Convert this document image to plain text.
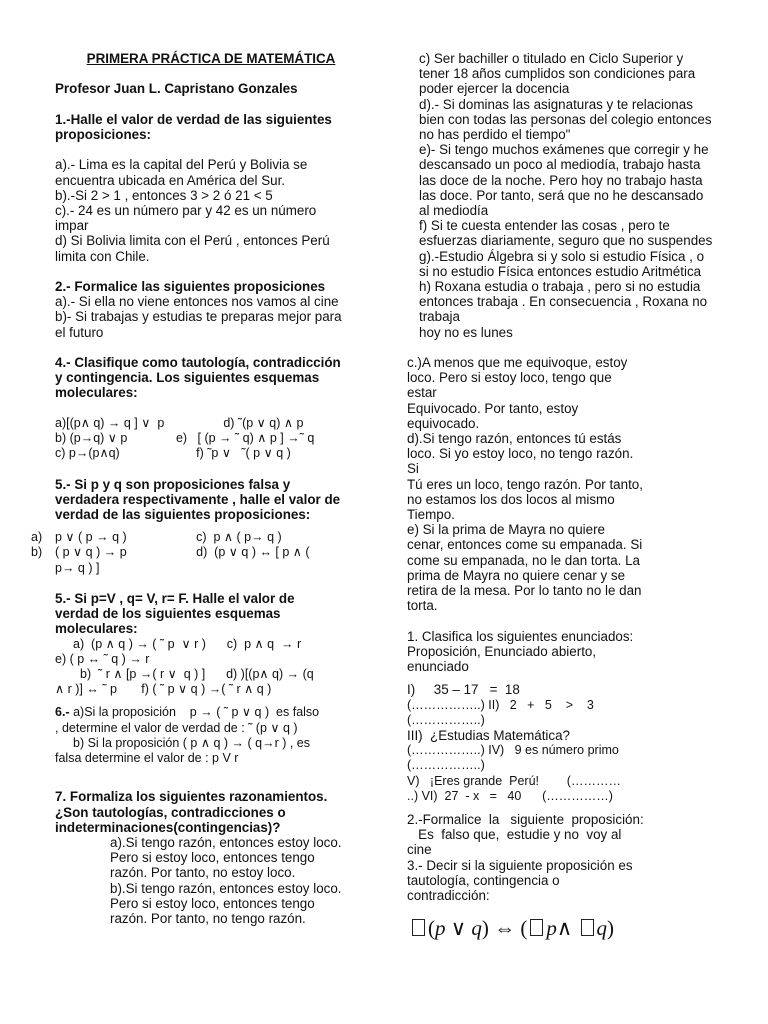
PRIMERA PRÁCTICA DE MATEMÁTICA
Profesor Juan L. Capristano Gonzales
1.-Halle el valor de verdad de las siguientes
proposiciones:
a).- Lima es la capital del Perú y Bolivia se
encuentra ubicada en América del Sur.
b).-Si 2 > 1 , entonces 3 > 2 ó 21 < 5
c).- 24 es un número par y 42 es un número
impar
d) Si Bolivia limita con el Perú , entonces Perú
limita con Chile.
2.- Formalice las siguientes proposiciones
a).- Si ella no viene entonces nos vamos al cine
b)- Si trabajas y estudias te preparas mejor para
el futuro
4.- Clasifique como tautología, contradicción
y contingencia. Los siguientes esquemas
moleculares:
a)[(p∧ q) → q ] ∨  p                 d) ˜(p ∨ q) ∧ p
b) (p→q) ∨ p              e)   [ (p → ˜ q) ∧ p ] →˜ q
c) p→(p∧q)                      f) ˜p ∨   ˜( p ∨ q )
5.- Si p y q son proposiciones falsa y
verdadera respectivamente , halle el valor de
verdad de las siguientes proposiciones:
a) p ∨ ( p → q )                    c)  p ∧ ( p→ q )
b) ( p ∨ q ) → p                    d)  (p ∨ q ) ↔ [ p ∧ (
p→ q ) ]
5.- Si p=V , q= V, r= F. Halle el valor de
verdad de los siguientes esquemas
moleculares:
a)  (p ∧ q ) → ( ˜ p  ∨ r )      c)  p ∧ q  → r
e) ( p ↔ ˜ q ) → r
b)  ˜ r ∧ [p →( r ∨  q ) ]      d) )[(p∧ q) → (q
∧ r )] ↔ ˜ p       f) ( ˜ p ∨ q ) →( ˜ r ∧ q )
6.- a)Si la proposición    p → ( ˜ p ∨ q )  es falso
, determine el valor de verdad de : ˜ (p ∨ q )
b) Si la proposición ( p ∧ q ) → ( q→r ) , es
falsa determine el valor de : p V r
7. Formaliza los siguientes razonamientos.
¿Son tautologías, contradicciones o
indeterminaciones(contingencias)?
a).Si tengo razón, entonces estoy loco.
Pero si estoy loco, entonces tengo
razón. Por tanto, no estoy loco.
b).Si tengo razón, entonces estoy loco.
Pero si estoy loco, entonces tengo
razón. Por tanto, no tengo razón.
c) Ser bachiller o titulado en Ciclo Superior y
tener 18 años cumplidos son condiciones para
poder ejercer la docencia
d).- Si dominas las asignaturas y te relacionas
bien con todas las personas del colegio entonces
no has perdido el tiempo"
e)- Si tengo muchos exámenes que corregir y he
descansado un poco al mediodía, trabajo hasta
las doce de la noche. Pero hoy no trabajo hasta
las doce. Por tanto, será que no he descansado
al mediodía
f) Si te cuesta entender las cosas , pero te
esfuerzas diariamente, seguro que no suspendes
g).-Estudio Álgebra si y solo si estudio Física , o
si no estudio Física entonces estudio Aritmética
h) Roxana estudia o trabaja , pero si no estudia
entonces trabaja . En consecuencia , Roxana no
trabaja
hoy no es lunes
c.)A menos que me equivoque, estoy
loco. Pero si estoy loco, tengo que
estar
Equivocado. Por tanto, estoy
equivocado.
d).Si tengo razón, entonces tú estás
loco. Si yo estoy loco, no tengo razón.
Si
Tú eres un loco, tengo razón. Por tanto,
no estamos los dos locos al mismo
Tiempo.
e) Si la prima de Mayra no quiere
cenar, entonces come su empanada. Si
come su empanada, no le dan torta. La
prima de Mayra no quiere cenar y se
retira de la mesa. Por lo tanto no le dan
torta.
1. Clasifica los siguientes enunciados:
Proposición, Enunciado abierto,
enunciado
I)     35 – 17   =  18
(……………..) II)   2   +   5    >    3
(……………..)
III)  ¿Estudias Matemática?
(……………..) IV)   9 es número primo
(……………..)
V)   ¡Eres grande  Perú!        (…………
..) VI)  27  - x   =   40      (……………)
2.-Formalice  la   siguiente  proposición:
Es  falso que,  estudie y no  voy al
cine
3.- Decir si la siguiente proposición es
tautología, contingencia o
contradicción:
(p ∨ q) ⇔ ( p∧ q)
